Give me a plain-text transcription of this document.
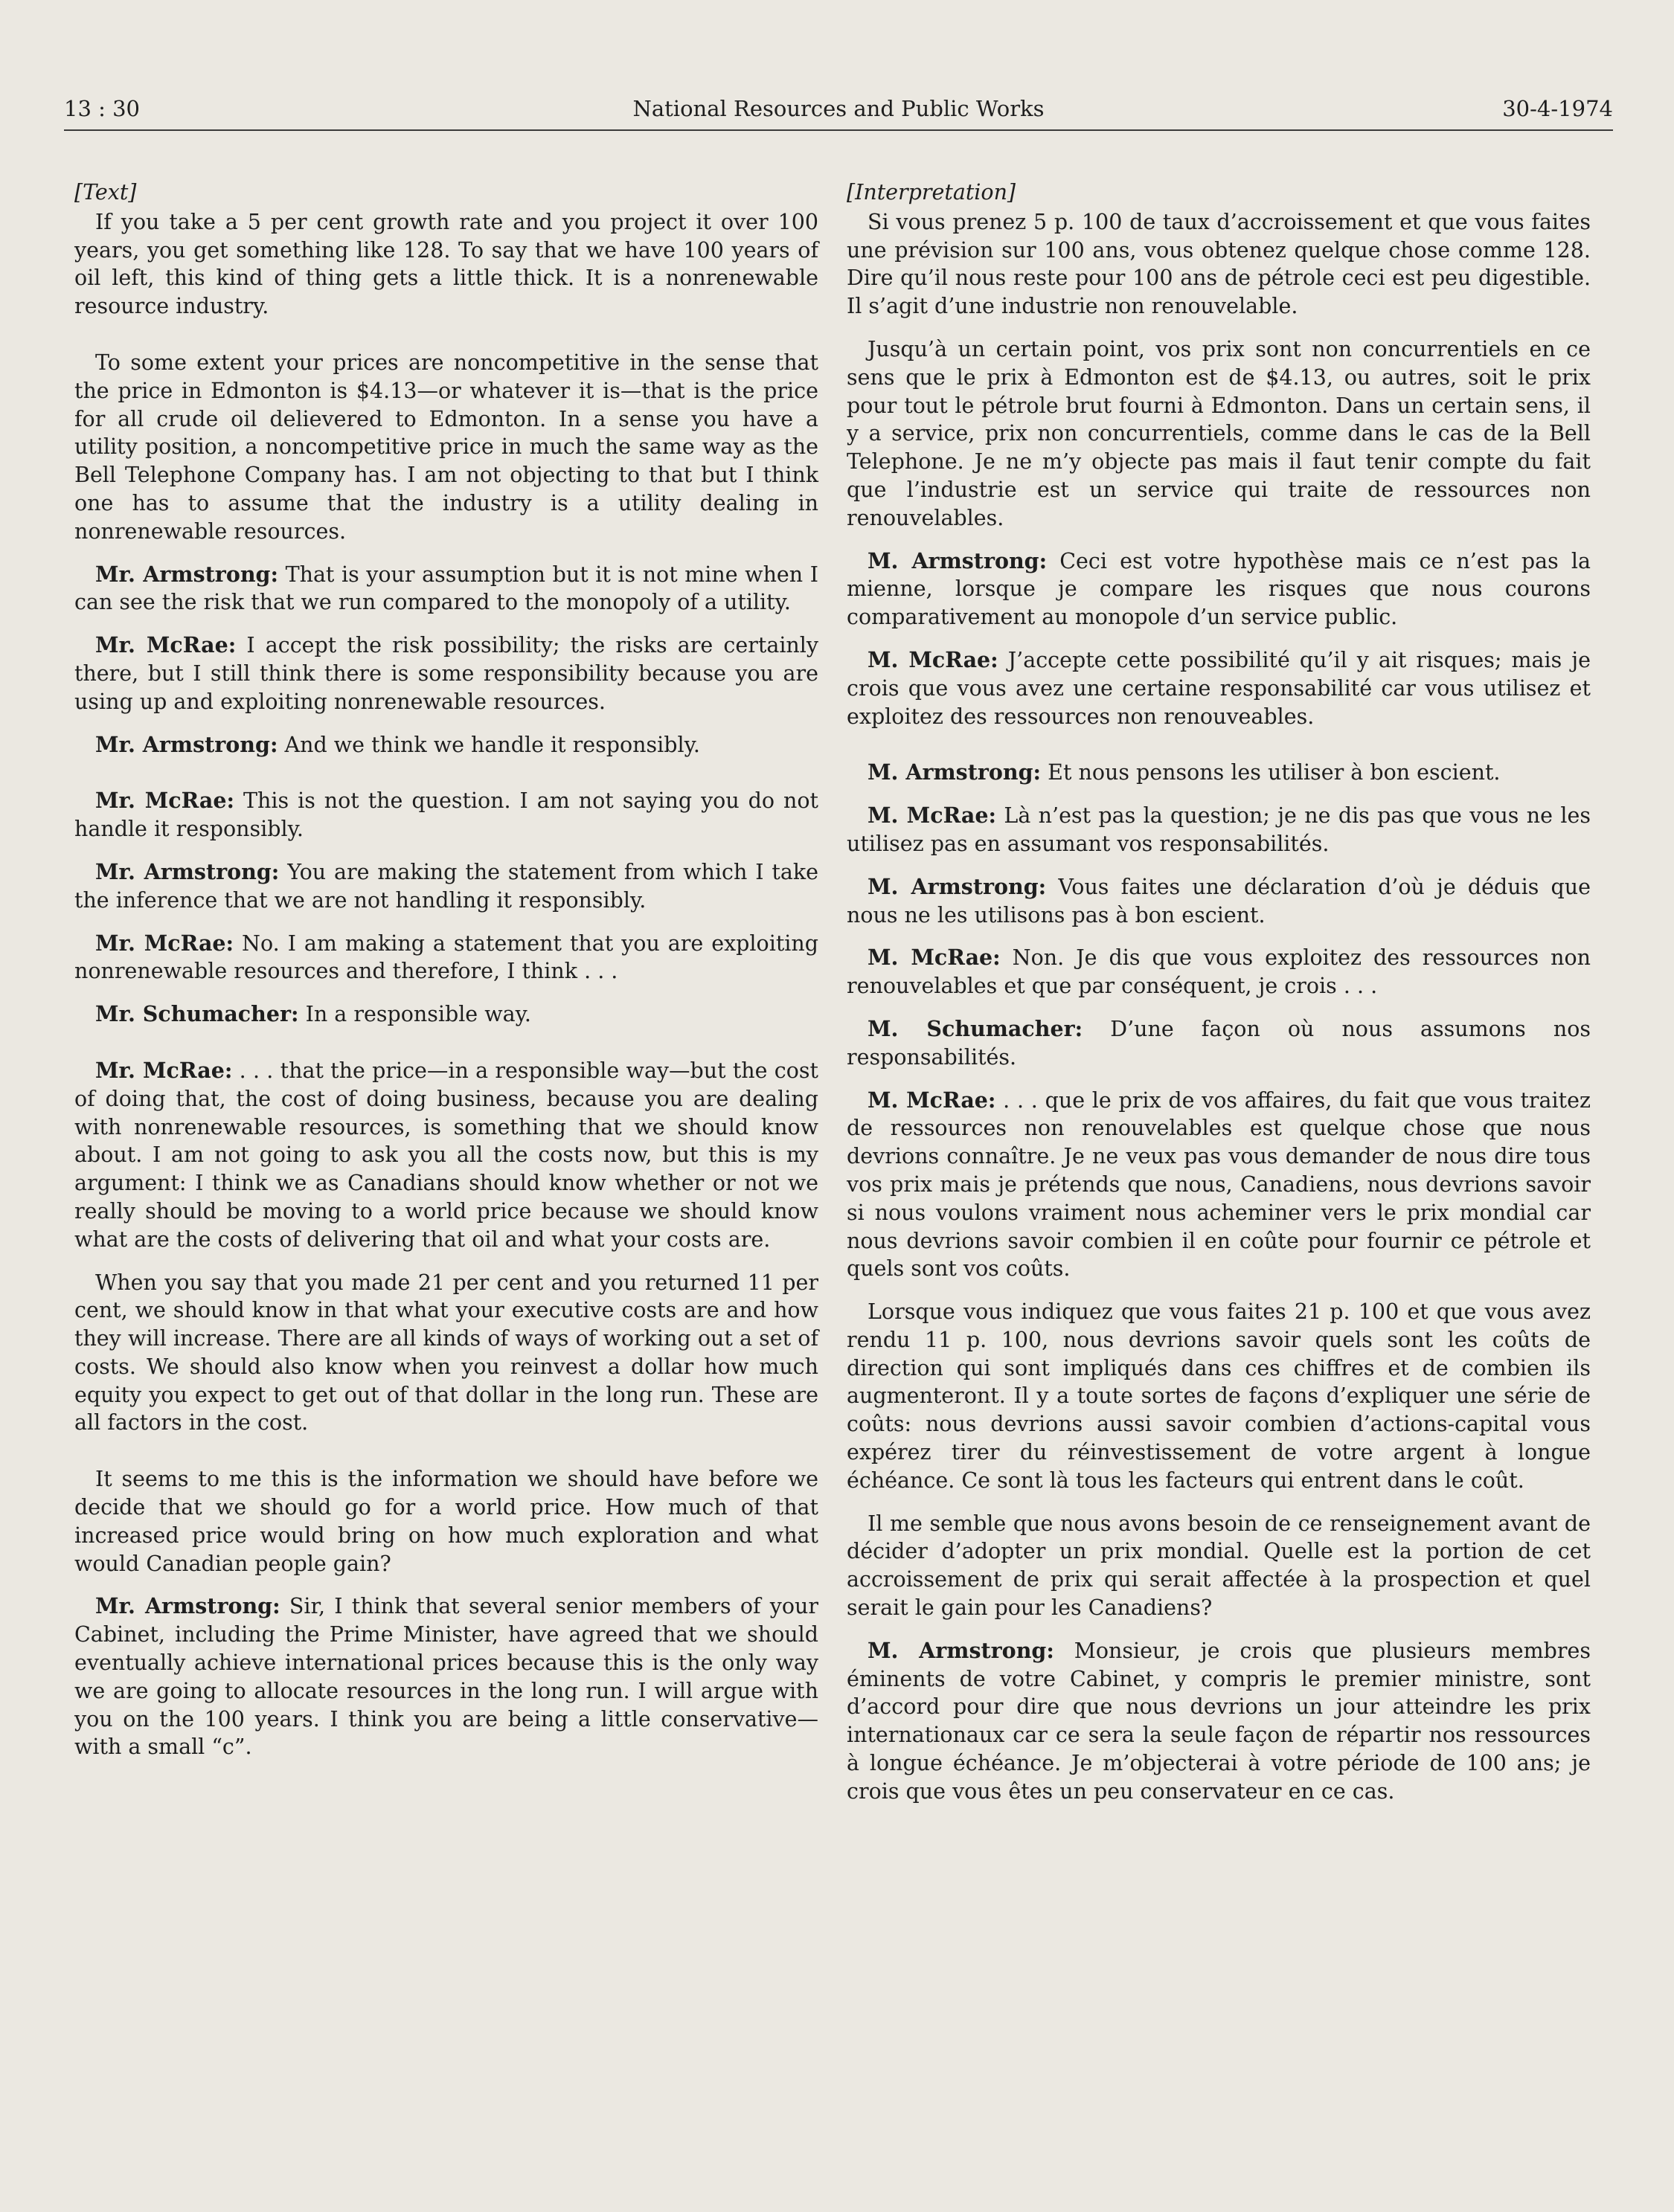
13 : 30	National Resources and Public Works	30-4-1974
[Text]

If you take a 5 per cent growth rate and you project it over 100 years, you get something like 128. To say that we have 100 years of oil left, this kind of thing gets a little thick. It is a nonrenewable resource industry.

To some extent your prices are noncompetitive in the sense that the price in Edmonton is $4.13—or whatever it is—that is the price for all crude oil delievered to Edmonton. In a sense you have a utility position, a noncompetitive price in much the same way as the Bell Telephone Company has. I am not objecting to that but I think one has to assume that the industry is a utility dealing in nonrenewable resources.

Mr. Armstrong: That is your assumption but it is not mine when I can see the risk that we run compared to the monopoly of a utility.

Mr. McRae: I accept the risk possibility; the risks are certainly there, but I still think there is some responsibility because you are using up and exploiting nonrenewable resources.

Mr. Armstrong: And we think we handle it responsibly.

Mr. McRae: This is not the question. I am not saying you do not handle it responsibly.

Mr. Armstrong: You are making the statement from which I take the inference that we are not handling it responsibly.

Mr. McRae: No. I am making a statement that you are exploiting nonrenewable resources and therefore, I think . . .

Mr. Schumacher: In a responsible way.

Mr. McRae: . . . that the price—in a responsible way—but the cost of doing that, the cost of doing business, because you are dealing with nonrenewable resources, is something that we should know about. I am not going to ask you all the costs now, but this is my argument: I think we as Canadians should know whether or not we really should be moving to a world price because we should know what are the costs of delivering that oil and what your costs are.

When you say that you made 21 per cent and you returned 11 per cent, we should know in that what your executive costs are and how they will increase. There are all kinds of ways of working out a set of costs. We should also know when you reinvest a dollar how much equity you expect to get out of that dollar in the long run. These are all factors in the cost.

It seems to me this is the information we should have before we decide that we should go for a world price. How much of that increased price would bring on how much exploration and what would Canadian people gain?

Mr. Armstrong: Sir, I think that several senior members of your Cabinet, including the Prime Minister, have agreed that we should eventually achieve international prices because this is the only way we are going to allocate resources in the long run. I will argue with you on the 100 years. I think you are being a little conservative—with a small “c”.

[Interpretation]

Si vous prenez 5 p. 100 de taux d’accroissement et que vous faites une prévision sur 100 ans, vous obtenez quelque chose comme 128. Dire qu’il nous reste pour 100 ans de pétrole ceci est peu digestible. Il s’agit d’une industrie non renouvelable.

Jusqu’à un certain point, vos prix sont non concurrentiels en ce sens que le prix à Edmonton est de $4.13, ou autres, soit le prix pour tout le pétrole brut fourni à Edmonton. Dans un certain sens, il y a service, prix non concurrentiels, comme dans le cas de la Bell Telephone. Je ne m’y objecte pas mais il faut tenir compte du fait que l’industrie est un service qui traite de ressources non renouvelables.

M. Armstrong: Ceci est votre hypothèse mais ce n’est pas la mienne, lorsque je compare les risques que nous courons comparativement au monopole d’un service public.

M. McRae: J’accepte cette possibilité qu’il y ait risques; mais je crois que vous avez une certaine responsabilité car vous utilisez et exploitez des ressources non renouveables.

M. Armstrong: Et nous pensons les utiliser à bon escient.

M. McRae: Là n’est pas la question; je ne dis pas que vous ne les utilisez pas en assumant vos responsabilités.

M. Armstrong: Vous faites une déclaration d’où je déduis que nous ne les utilisons pas à bon escient.

M. McRae: Non. Je dis que vous exploitez des ressources non renouvelables et que par conséquent, je crois . . .

M. Schumacher: D’une façon où nous assumons nos responsabilités.

M. McRae: . . . que le prix de vos affaires, du fait que vous traitez de ressources non renouvelables est quelque chose que nous devrions connaître. Je ne veux pas vous demander de nous dire tous vos prix mais je prétends que nous, Canadiens, nous devrions savoir si nous voulons vraiment nous acheminer vers le prix mondial car nous devrions savoir combien il en coûte pour fournir ce pétrole et quels sont vos coûts.

Lorsque vous indiquez que vous faites 21 p. 100 et que vous avez rendu 11 p. 100, nous devrions savoir quels sont les coûts de direction qui sont impliqués dans ces chiffres et de combien ils augmenteront. Il y a toute sortes de façons d’expliquer une série de coûts: nous devrions aussi savoir combien d’actions-capital vous expérez tirer du réinvestissement de votre argent à longue échéance. Ce sont là tous les facteurs qui entrent dans le coût.

Il me semble que nous avons besoin de ce renseignement avant de décider d’adopter un prix mondial. Quelle est la portion de cet accroissement de prix qui serait affectée à la prospection et quel serait le gain pour les Canadiens?

M. Armstrong: Monsieur, je crois que plusieurs membres éminents de votre Cabinet, y compris le premier ministre, sont d’accord pour dire que nous devrions un jour atteindre les prix internationaux car ce sera la seule façon de répartir nos ressources à longue échéance. Je m’objecterai à votre période de 100 ans; je crois que vous êtes un peu conservateur en ce cas.
